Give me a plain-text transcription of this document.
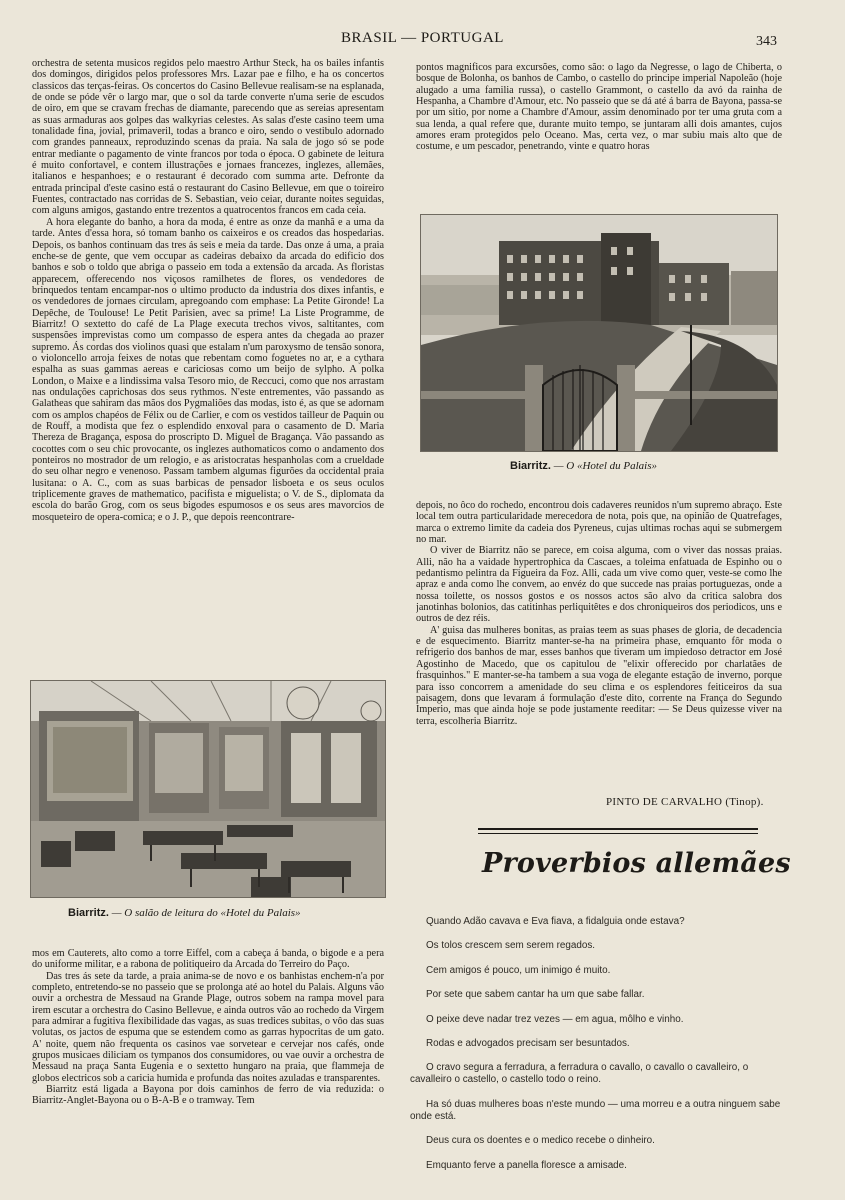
BRASIL — PORTUGAL	343

orchestra de setenta musicos regidos pelo maestro Arthur Steck, ha os bailes infantis dos domingos, dirigidos pelos professores Mrs. Lazar pae e filho, e ha os concertos classicos das terças-feiras. Os concertos do Casino Bellevue realisam-se na esplanada, de onde se póde vêr o largo mar, que o sol da tarde converte n'uma serie de escudos de oiro, em que se cravam frechas de diamante, parecendo que as sereias apresentam as suas armaduras aos golpes das walkyrias celestes. As salas d'este casino teem uma tonalidade fina, jovial, primaveril, todas a branco e oiro, sendo o vestibulo adornado com grandes panneaux, reproduzindo scenas da praia. Na sala de jogo só se pode entrar mediante o pagamento de vinte francos por toda o época. O gabinete de leitura é muito confortavel, e contem illustrações e jornaes francezes, inglezes, allemães, italianos e hespanhoes; e o restaurant é decorado com summa arte. Defronte da entrada principal d'este casino está o restaurant do Casino Bellevue, em que o toireiro Fuentes, contractado nas corridas de S. Sebastian, veio ceiar, durante noites seguidas, com alguns amigos, gastando entre trezentos a quatrocentos francos em cada ceia.

A hora elegante do banho, a hora da moda, é entre as onze da manhã e a uma da tarde. Antes d'essa hora, só tomam banho os caixeiros e os creados das hospedarias. Depois, os banhos continuam das tres ás seis e meia da tarde. Das onze á uma, a praia enche-se de gente, que vem occupar as cadeiras debaixo da arcada do edificio dos banhos e sob o toldo que abriga o passeio em toda a extensão da arcada. As floristas apparecem, offerecendo nos viçosos ramilhetes de flores, os vendedores de brinquedos tentam encampar-nos o ultimo producto da industria dos dixes infantis, e os vendedores de jornaes circulam, apregoando com emphase: La Petite Gironde! La Depêche, de Toulouse! Le Petit Parisien, avec sa prime! La Liste Programme, de Biarritz! O sextetto do café de La Plage executa trechos vivos, saltitantes, com suspensões imprevistas como um compasso de espera antes da chegada ao prazer supremo. Ás cordas dos violinos quasi que estalam n'um paroxysmo de tensão sonora, o violoncello arroja feixes de notas que rebentam como foguetes no ar, e a cythara espalha as suas gammas aereas e cariciosas como um beijo de sylpho. A polka London, o Maixe e a lindissima valsa Tesoro mio, de Reccuci, como que nos arrastam nas ondulações caprichosas dos seus rythmos. N'este entrementes, vão passando as Galatheas que sahiram das mãos dos Pygmaliões das modas, isto é, as que se adornam com os amplos chapéos de Félix ou de Carlier, e com os vestidos tailleur de Paquin ou de Rouff, a modista que fez o esplendido enxoval para o casamento de D. Maria Thereza de Bragança, esposa do proscripto D. Miguel de Bragança. Vão passando as cocottes com o seu chic provocante, os inglezes authomaticos como o andamento dos ponteiros no mostrador de um relogio, e as aristocratas hespanholas com a crueldade do seu olhar negro e venenoso. Passam tambem algumas figurões da occidental praia lusitana: o A. C., com as suas barbicas de pensador lisboeta e os seus oculos triplicemente graves de mathematico, pacifista e miguelista; o V. de S., diplomata da escola do barão Grog, com os seus bigodes espumosos e os seus ares mavorcios de mosqueteiro de opera-comica; e o J. P., que depois reencontrare-

Biarritz. — O salão de leitura do «Hotel du Palais»

mos em Cauterets, alto como a torre Eiffel, com a cabeça á banda, o bigode e a pera do uniforme militar, e a rabona de politiqueiro da Arcada do Terreiro do Paço.

Das tres ás sete da tarde, a praia anima-se de novo e os banhistas enchem-n'a por completo, entretendo-se no passeio que se prolonga até ao hotel du Palais. Alguns vão ouvir a orchestra de Messaud na Grande Plage, outros sobem na rampa movel para irem escutar a orchestra do Casino Bellevue, e ainda outros vão ao rochedo da Virgem para admirar a fugitiva flexibilidade das vagas, as suas tredices subitas, o vôo das suas volutas, os jactos de espuma que se estendem como as garras hypocritas de um gato. A' noite, quem não frequenta os casinos vae sorvetear e cervejar nos cafés, onde grupos musicaes diliciam os tympanos dos consumidores, ou vae ouvir a orchestra de Messaud na praça Santa Eugenia e o sextetto hungaro na praia, que flammeja de globos electricos sob a caricia humida e profunda das noites azuladas e transparentes.

Biarritz está ligada a Bayona por dois caminhos de ferro de via reduzida: o Biarritz-Anglet-Bayona ou o B-A-B e o tramway. Tem

pontos magnificos para excursões, como são: o lago da Negresse, o lago de Chiberta, o bosque de Bolonha, os banhos de Cambo, o castello do principe imperial Napoleão (hoje alugado a uma familia russa), o castello Grammont, o castello da avó da rainha de Hespanha, a Chambre d'Amour, etc. No passeio que se dá até á barra de Bayona, passa-se por um sitio, por nome a Chambre d'Amour, assim denominado por ter uma gruta com a sua lenda, a qual refere que, durante muito tempo, se juntaram alli dois amantes, cujos amores eram protegidos pelo Oceano. Mas, certa vez, o mar subiu mais alto que de costume, e um pescador, penetrando, vinte e quatro horas

Biarritz. — O «Hotel du Palais»

depois, no ôco do rochedo, encontrou dois cadaveres reunidos n'um supremo abraço. Este local tem outra particularidade merecedora de nota, pois que, na opinião de Quatrefages, marca o extremo limite da cadeia dos Pyreneus, cujas ultimas rochas aqui se submergem no mar.

O viver de Biarritz não se parece, em coisa alguma, com o viver das nossas praias. Alli, não ha a vaidade hypertrophica da Cascaes, a toleima enfatuada de Espinho ou o pedantismo pelintra da Figueira da Foz. Alli, cada um vive como quer, veste-se como lhe apraz e anda como lhe convem, ao envéz do que succede nas praias portuguezas, onde a nossa toilette, os nossos gostos e os nossos actos são alvo da critica salobra dos janotinhas bolonios, das catitinhas perliquitêtes e dos chroniqueiros dos periodicos, uns e outros de dez réis.

A' guisa das mulheres bonitas, as praias teem as suas phases de gloria, de decadencia e de esquecimento. Biarritz manter-se-ha na primeira phase, emquanto fôr moda o refrigerio dos banhos de mar, esses banhos que tiveram um impiedoso detractor em José Agostinho de Macedo, que os capitulou de "elixir offerecido por charlatães de frasquinhos." E manter-se-ha tambem a sua voga de elegante estação de inverno, porque para isso concorrem a amenidade do seu clima e os esplendores feiticeiros da sua paisagem, dons que levaram á formulação d'este dito, corrente na França do Segundo Imperio, mas que ainda hoje se pode justamente reeditar: — Se Deus quizesse viver na terra, escolheria Biarritz.

PINTO DE CARVALHO (Tinop).
Proverbios allemães

Quando Adão cavava e Eva fiava, a fidalguia onde estava?

Os tolos crescem sem serem regados.

Cem amigos é pouco, um inimigo é muito.

Por sete que sabem cantar ha um que sabe fallar.

O peixe deve nadar trez vezes — em agua, môlho e vinho.

Rodas e advogados precisam ser besuntados.

O cravo segura a ferradura, a ferradura o cavallo, o cavallo o cavalleiro, o cavalleiro o castello, o castello todo o reino.

Ha só duas mulheres boas n'este mundo — uma morreu e a outra ninguem sabe onde está.

Deus cura os doentes e o medico recebe o dinheiro.

Emquanto ferve a panella floresce a amisade.
